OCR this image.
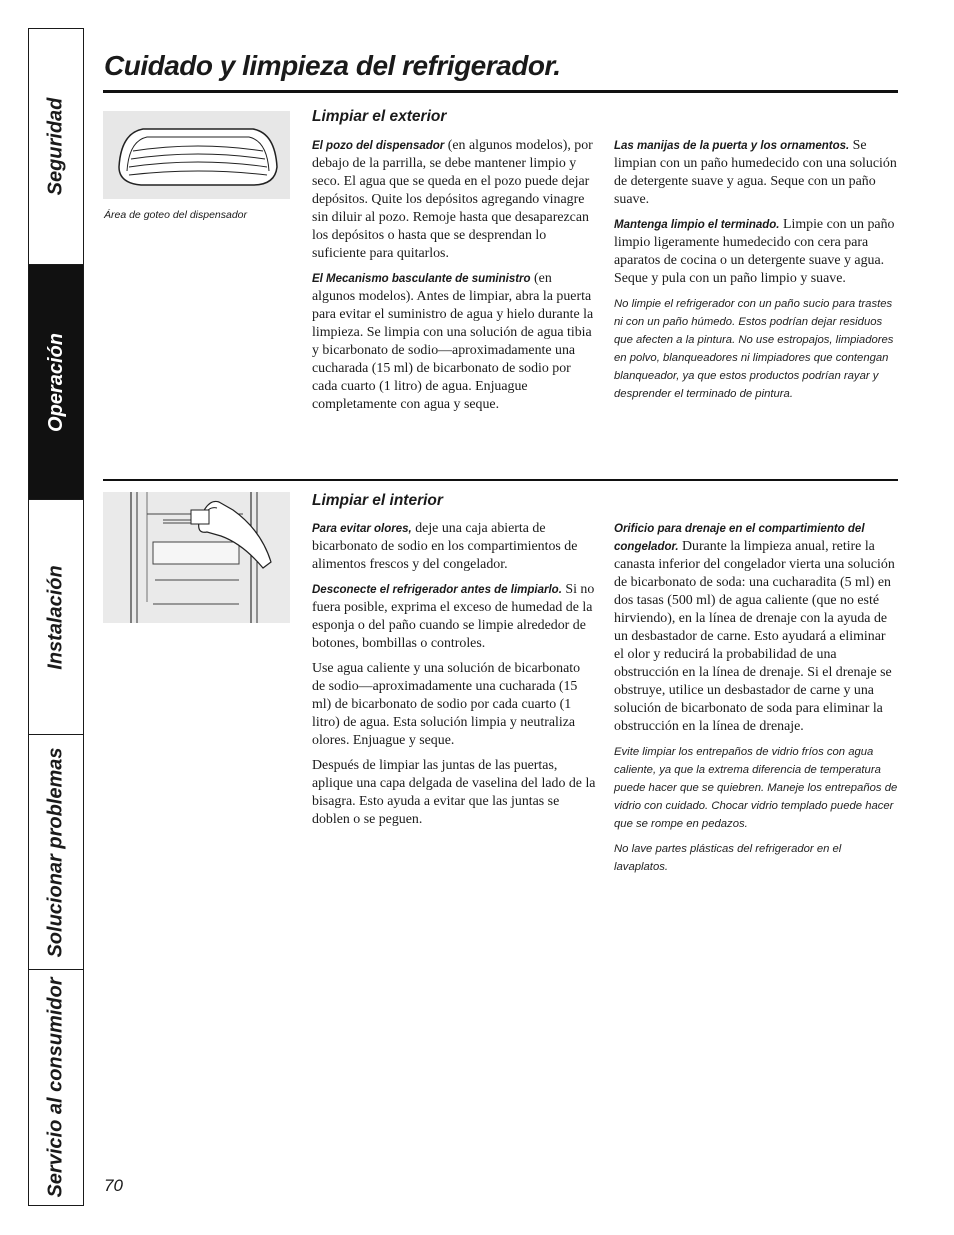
Seguridad
Operación
Instalación
Solucionar problemas
Servicio al consumidor
Cuidado y limpieza del refrigerador.
Área de goteo del dispensador
Limpiar el exterior

El pozo del dispensador (en algunos modelos), por debajo de la parrilla, se debe mantener limpio y seco. El agua que se queda en el pozo puede dejar depósitos. Quite los depósitos agregando vinagre sin diluir al pozo. Remoje hasta que desaparezcan los depósitos o hasta que se desprendan lo suficiente para quitarlos.

El Mecanismo basculante de suministro (en algunos modelos). Antes de limpiar, abra la puerta para evitar el suministro de agua y hielo durante la limpieza. Se limpia con una solución de agua tibia y bicarbonato de sodio—aproximadamente una cucharada (15 ml) de bicarbonato de sodio por cada cuarto (1 litro) de agua. Enjuague completamente con agua y seque.

Las manijas de la puerta y los ornamentos. Se limpian con un paño humedecido con una solución de detergente suave y agua. Seque con un paño suave.

Mantenga limpio el terminado. Limpie con un paño limpio ligeramente humedecido con cera para aparatos de cocina o un detergente suave y agua. Seque y pula con un paño limpio y suave.

No limpie el refrigerador con un paño sucio para trastes ni con un paño húmedo. Estos podrían dejar residuos que afecten a la pintura. No use estropajos, limpiadores en polvo, blanqueadores ni limpiadores que contengan blanqueador, ya que estos productos podrían rayar y desprender el terminado de pintura.

Limpiar el interior

Para evitar olores, deje una caja abierta de bicarbonato de sodio en los compartimientos de alimentos frescos y del congelador.

Desconecte el refrigerador antes de limpiarlo. Si no fuera posible, exprima el exceso de humedad de la esponja o del paño cuando se limpie alrededor de botones, bombillas o controles.

Use agua caliente y una solución de bicarbonato de sodio—aproximadamente una cucharada (15 ml) de bicarbonato de sodio por cada cuarto (1 litro) de agua. Esta solución limpia y neutraliza olores. Enjuague y seque.

Después de limpiar las juntas de las puertas, aplique una capa delgada de vaselina del lado de la bisagra. Esto ayuda a evitar que las juntas se doblen o se peguen.

Orificio para drenaje en el compartimiento del congelador. Durante la limpieza anual, retire la canasta inferior del congelador vierta una solución de bicarbonato de soda: una cucharadita (5 ml) en dos tasas (500 ml) de agua caliente (que no esté hirviendo), en la línea de drenaje con la ayuda de un desbastador de carne. Esto ayudará a eliminar el olor y reducirá la probabilidad de una obstrucción en la línea de drenaje. Si el drenaje se obstruye, utilice un desbastador de carne y una solución de bicarbonato de soda para eliminar la obstrucción en la línea de drenaje.

Evite limpiar los entrepaños de vidrio fríos con agua caliente, ya que la extrema diferencia de temperatura puede hacer que se quiebren. Maneje los entrepaños de vidrio con cuidado. Chocar vidrio templado puede hacer que se rompe en pedazos.

No lave partes plásticas del refrigerador en el lavaplatos.

70
